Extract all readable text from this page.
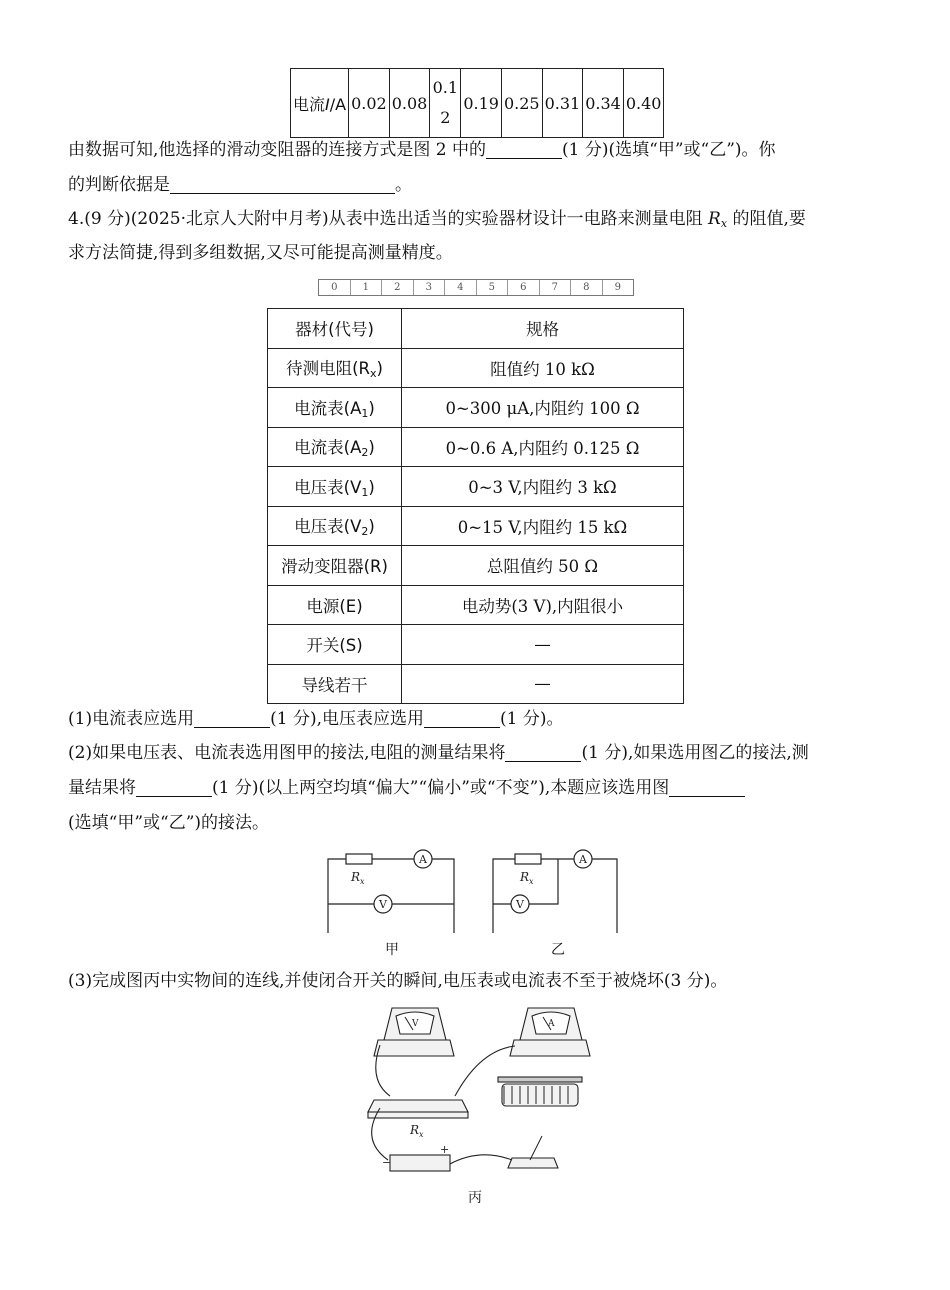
电流I/A	0.02	0.08	0.12	0.19	0.25	0.31	0.34	0.40
由数据可知,他选择的滑动变阻器的连接方式是图 2 中的	(1 分)(选填“甲”或“乙”)。你
的判断依据是	。
4.(9 分)(2025·北京人大附中月考)从表中选出适当的实验器材设计一电路来测量电阻 $R_x$ 的阻值,要
求方法简捷,得到多组数据,又尽可能提高测量精度。
0	1	2	3	4	5	6	7	8	9
器材(代号)	规格
待测电阻$(R_x)$	阻值约 10 kΩ
电流表$(A_1)$	0~300 μA,内阻约 100 Ω
电流表$(A_2)$	0~0.6 A,内阻约 0.125 Ω
电压表$(V_1)$	0~3 V,内阻约 3 kΩ
电压表$(V_2)$	0~15 V,内阻约 15 kΩ
滑动变阻器(R)	总阻值约 50 Ω
电源(E)	电动势(3 V),内阻很小
开关(S)	—
导线若干	—
(1)电流表应选用	(1 分),电压表应选用	(1 分)。
(2)如果电压表、电流表选用图甲的接法,电阻的测量结果将	(1 分),如果选用图乙的接法,测
量结果将	(1 分)(以上两空均填“偏大”“偏小”或“不变”),本题应该选用图
(选填“甲”或“乙”)的接法。
A
V
A
V
R x	R x
甲	乙
(3)完成图丙中实物间的连线,并使闭合开关的瞬间,电压表或电流表不至于被烧坏(3 分)。
V	A
R x
−
+
丙
